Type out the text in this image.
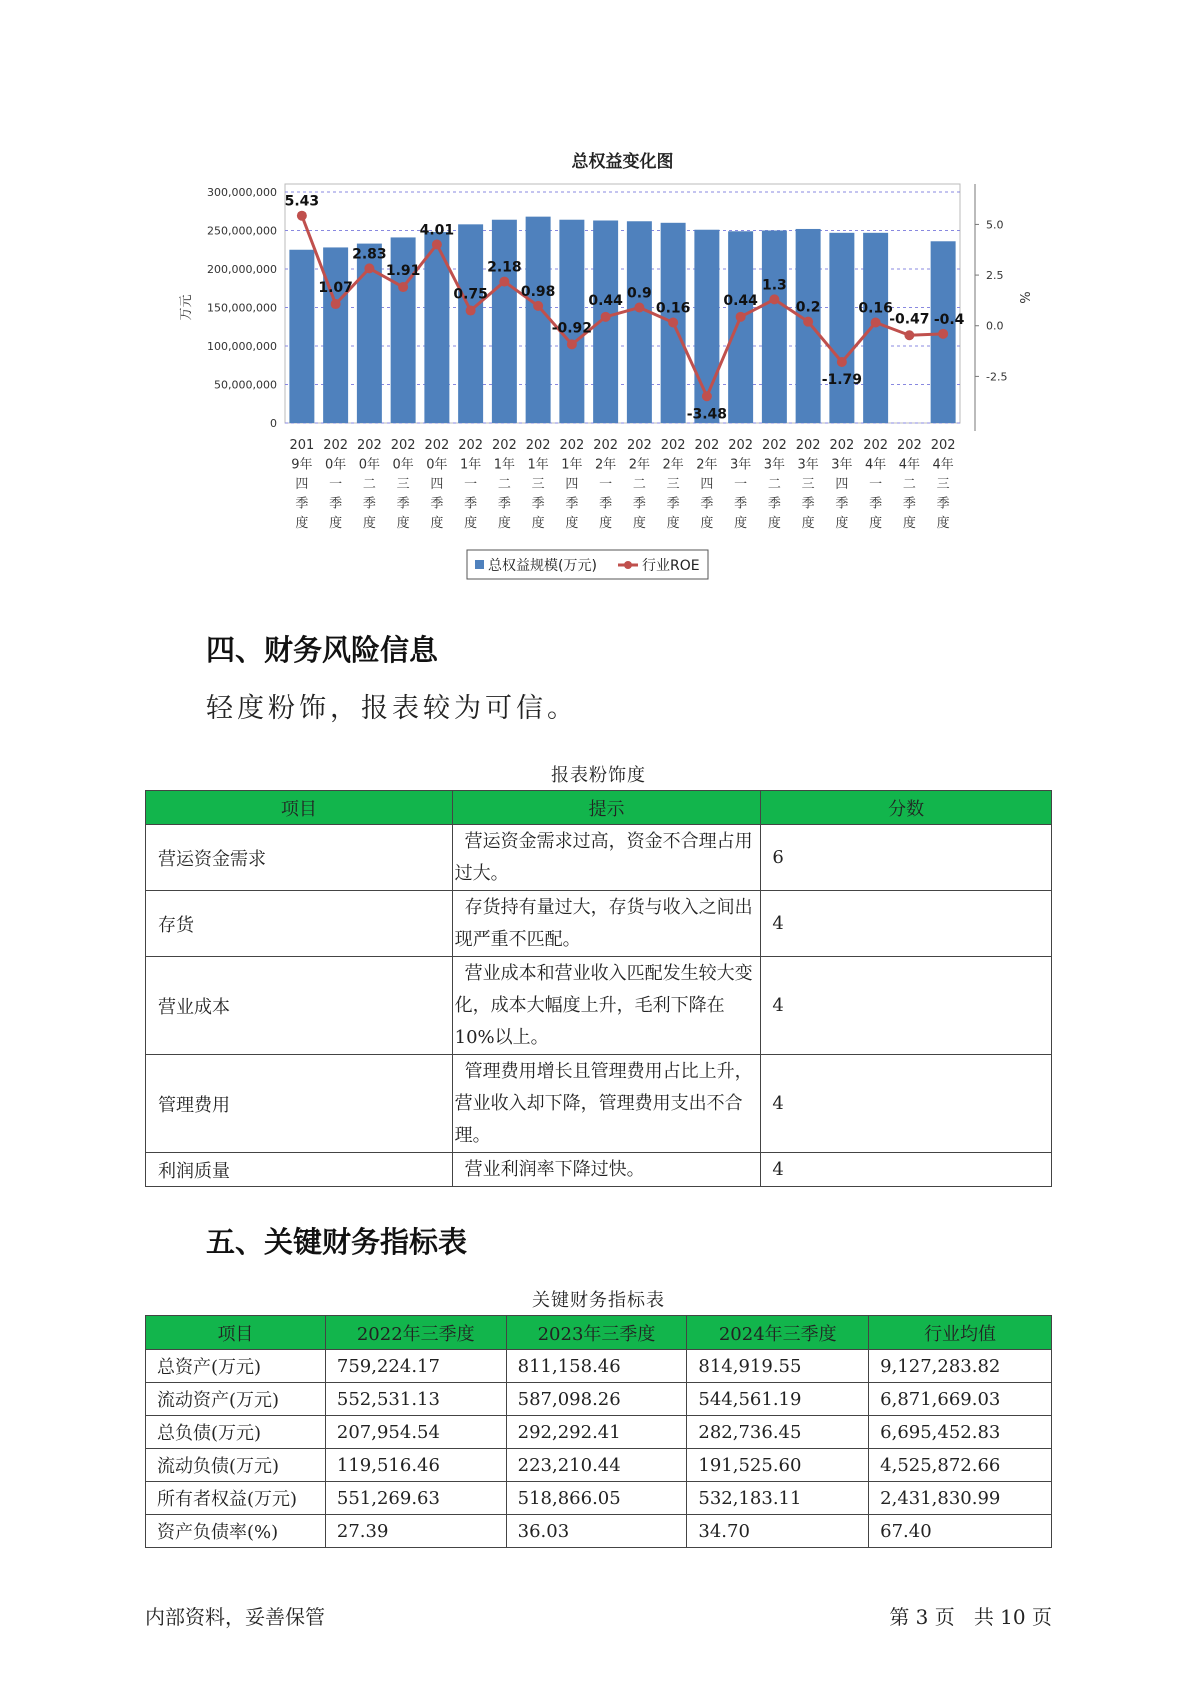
总权益变化图
0
50,000,000
100,000,000
150,000,000
200,000,000
250,000,000
300,000,000
万元
-2.5
0.0
2.5
5.0
%
5.43
1.07
2.83
1.91
4.01
0.75
2.18
0.98
-0.92
0.44 0.9
0.16
-3.48
0.44
1.3
0.2
-1.79
0.16
-0.47 -0.4
201 9年四季度
202 0年一季度
202 0年二季度
202 0年三季度
202 0年四季度
202 1年一季度
202 1年二季度
202 1年三季度
202 1年四季度
202 2年一季度
202 2年二季度
202 2年三季度
202 2年四季度
202 3年一季度
202 3年二季度
202 3年三季度
202 3年四季度
202 4年一季度
202 4年二季度
202 4年三季度
总权益规模(万元)	行业ROE
四、财务风险信息
轻度粉饰，报表较为可信。
报表粉饰度
项目	提示	分数
营运资金需求	营运资金需求过高，资金不合理占用过大。	6
存货	存货持有量过大，存货与收入之间出现严重不匹配。	4
营业成本	营业成本和营业收入匹配发生较大变化，成本大幅度上升，毛利下降在10%以上。	4
管理费用	管理费用增长且管理费用占比上升，营业收入却下降，管理费用支出不合理。	4
利润质量	营业利润率下降过快。	4
五、关键财务指标表
关键财务指标表
项目	2022年三季度	2023年三季度	2024年三季度	行业均值
总资产(万元)	759,224.17	811,158.46	814,919.55	9,127,283.82
流动资产(万元)	552,531.13	587,098.26	544,561.19	6,871,669.03
总负债(万元)	207,954.54	292,292.41	282,736.45	6,695,452.83
流动负债(万元)	119,516.46	223,210.44	191,525.60	4,525,872.66
所有者权益(万元)	551,269.63	518,866.05	532,183.11	2,431,830.99
资产负债率(%)	27.39	36.03	34.70	67.40
内部资料，妥善保管	第 3 页   共 10 页
